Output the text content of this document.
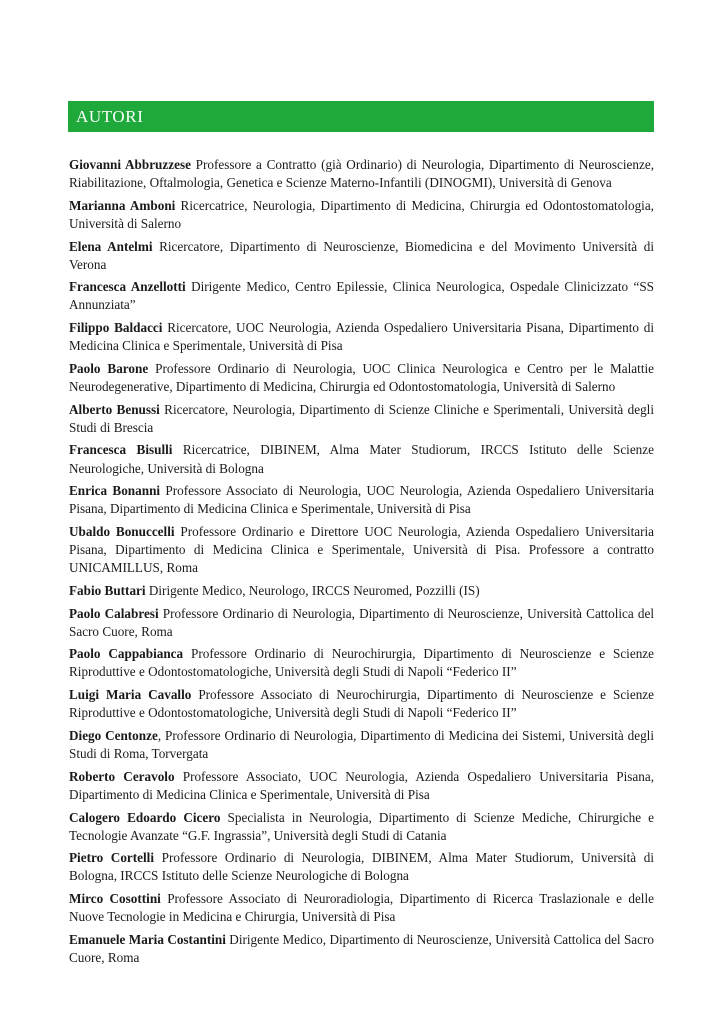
AUTORI

Giovanni Abbruzzese Professore a Contratto (già Ordinario) di Neurologia, Dipartimento di Neuroscienze, Riabilitazione, Oftalmologia, Genetica e Scienze Materno-Infantili (DINOGMI), Università di Genova

Marianna Amboni Ricercatrice, Neurologia, Dipartimento di Medicina, Chirurgia ed Odontostomatologia, Università di Salerno

Elena Antelmi Ricercatore, Dipartimento di Neuroscienze, Biomedicina e del Movimento Università di Verona

Francesca Anzellotti Dirigente Medico, Centro Epilessie, Clinica Neurologica, Ospedale Clinicizzato “SS Annunziata”

Filippo Baldacci Ricercatore, UOC Neurologia, Azienda Ospedaliero Universitaria Pisana, Dipartimento di Medicina Clinica e Sperimentale, Università di Pisa

Paolo Barone Professore Ordinario di Neurologia, UOC Clinica Neurologica e Centro per le Malattie Neurodegenerative, Dipartimento di Medicina, Chirurgia ed Odontostomatologia, Università di Salerno

Alberto Benussi Ricercatore, Neurologia, Dipartimento di Scienze Cliniche e Sperimentali, Università degli Studi di Brescia

Francesca Bisulli Ricercatrice, DIBINEM, Alma Mater Studiorum, IRCCS Istituto delle Scienze Neurologiche, Università di Bologna

Enrica Bonanni Professore Associato di Neurologia, UOC Neurologia, Azienda Ospedaliero Universitaria Pisana, Dipartimento di Medicina Clinica e Sperimentale, Università di Pisa

Ubaldo Bonuccelli Professore Ordinario e Direttore UOC Neurologia, Azienda Ospedaliero Universitaria Pisana, Dipartimento di Medicina Clinica e Sperimentale, Università di Pisa. Professore a contratto UNICAMILLUS, Roma

Fabio Buttari Dirigente Medico, Neurologo, IRCCS Neuromed, Pozzilli (IS)

Paolo Calabresi Professore Ordinario di Neurologia, Dipartimento di Neuroscienze, Università Cattolica del Sacro Cuore, Roma

Paolo Cappabianca Professore Ordinario di Neurochirurgia, Dipartimento di Neuroscienze e Scienze Riproduttive e Odontostomatologiche, Università degli Studi di Napoli “Federico II”

Luigi Maria Cavallo Professore Associato di Neurochirurgia, Dipartimento di Neuroscienze e Scienze Riproduttive e Odontostomatologiche, Università degli Studi di Napoli “Federico II”

Diego Centonze, Professore Ordinario di Neurologia, Dipartimento di Medicina dei Sistemi, Università degli Studi di Roma, Torvergata

Roberto Ceravolo Professore Associato, UOC Neurologia, Azienda Ospedaliero Universitaria Pisana, Dipartimento di Medicina Clinica e Sperimentale, Università di Pisa

Calogero Edoardo Cicero Specialista in Neurologia, Dipartimento di Scienze Mediche, Chirurgiche e Tecnologie Avanzate “G.F. Ingrassia”, Università degli Studi di Catania

Pietro Cortelli Professore Ordinario di Neurologia, DIBINEM, Alma Mater Studiorum, Università di Bologna, IRCCS Istituto delle Scienze Neurologiche di Bologna

Mirco Cosottini Professore Associato di Neuroradiologia, Dipartimento di Ricerca Traslazionale e delle Nuove Tecnologie in Medicina e Chirurgia, Università di Pisa

Emanuele Maria Costantini Dirigente Medico, Dipartimento di Neuroscienze, Università Cattolica del Sacro Cuore, Roma
